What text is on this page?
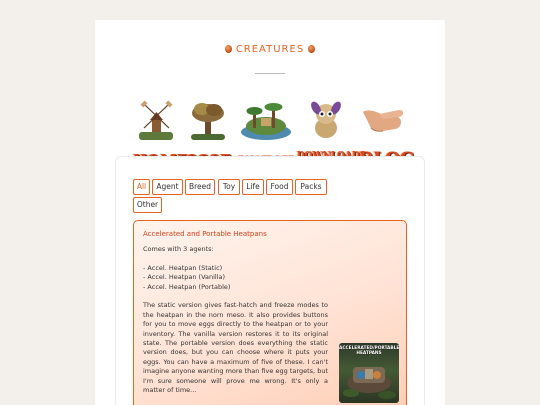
CREATURES
All	Agent	Breed	Toy	Life	Food	Packs
Other
Accelerated and Portable Heatpans

Comes with 3 agents:

- Accel. Heatpan (Static)
- Accel. Heatpan (Vanilla)
- Accel. Heatpan (Portable)

The static version gives fast-hatch and freeze modes to the heatpan in the norn meso. It also provides buttons for you to move eggs directly to the heatpan or to your inventory. The vanilla version restores it to its original state. The portable version does everything the static version does, but you can choose where it puts your eggs. You can have a maximum of five of these. I can't imagine anyone wanting more than five egg targets, but I'm sure someone will prove me wrong. It's only a matter of time...

ACCELERATED/PORTABLE HEATPANS
